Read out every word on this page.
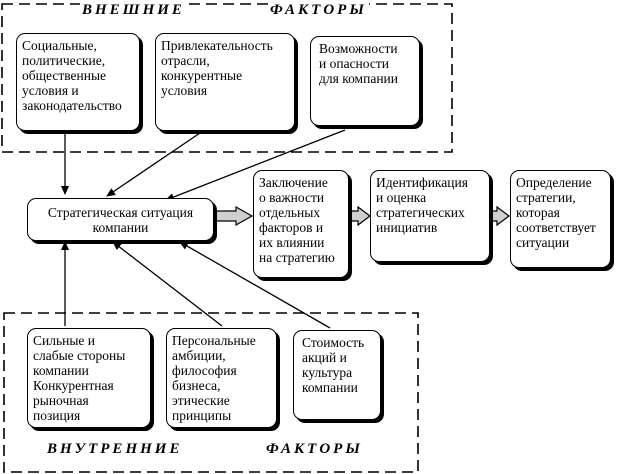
ВНЕШНИЕ	ФАКТОРЫ
Социальные,
политические,
общественные
условия и
законодательство
Привлекательность
отрасли,
конкурентные
условия
Возможности
и опасности
для компании
Стратегическая ситуация
компании
Заключение
о важности
отдельных
факторов и
их влиянии
на стратегию
Идентификация
и оценка
стратегических
инициатив
Определение
стратегии,
которая
соответствует
ситуации
Сильные и
слабые стороны
компании
Конкурентная
рыночная
позиция
Персональные
амбиции,
философия
бизнеса,
этические
принципы
Стоимость
акций и
культура
компании
ВНУТРЕННИЕ	ФАКТОРЫ
